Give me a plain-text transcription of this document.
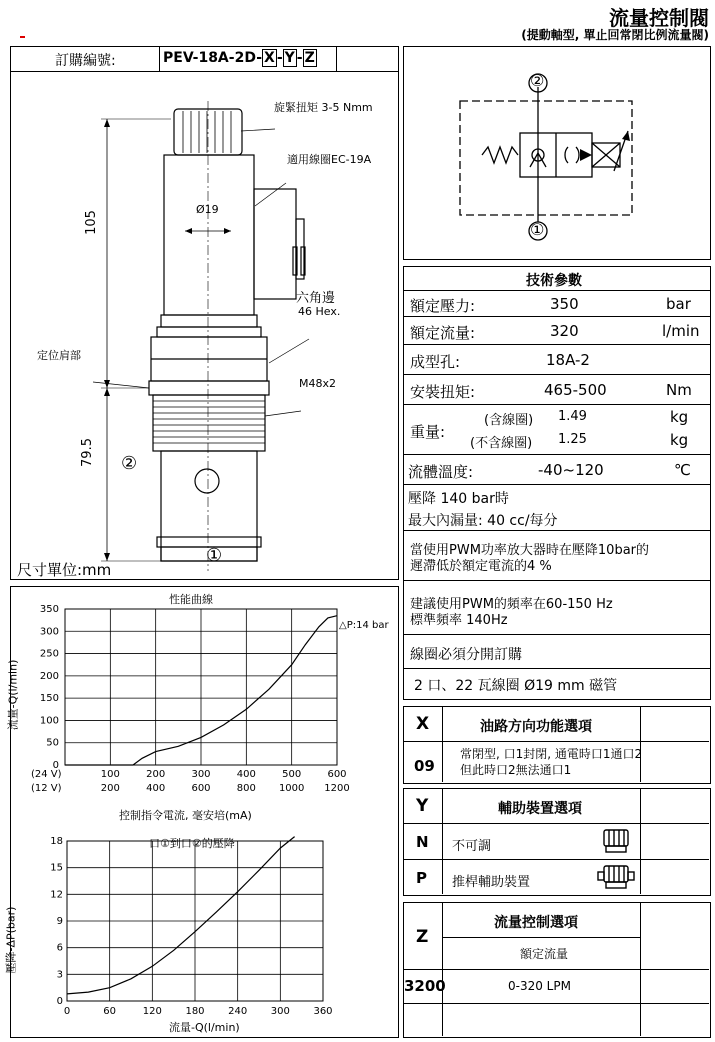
流量控制閥
(提動軸型, 單止回常閉比例流量閥)
訂購編號:	PEV-18A-2D- X - Y - Z
旋緊扭矩 3-5 Nmm
適用線圈EC-19A
Ø19
六角邊
46 Hex.
定位肩部
M48x2
105
79.5 ②
①
尺寸單位:mm
性能曲線
流量-Q(l/min)
△P:14 bar
0
50
100
150
200
250
300
350
(24 V)	100	200	300	400	500	600
(12 V)	200	400	600	800 1000 1200
控制指令電流, 毫安培(mA)
口①到口②的壓降
壓降-ΔP(bar)
0
3
6
9
12
15
18
0	60	120 180 240 300 360
流量-Q(l/min)
②
①
技術參數
額定壓力:	350	bar
額定流量:	320	l/min
成型孔:	18A-2
安裝扭矩:	465-500	Nm
重量:
(含線圈) 1.49	kg
(不含線圈) 1.25	kg
流體溫度:	-40~120	℃
壓降 140 bar時
最大內漏量: 40 cc/每分
當使用PWM功率放大器時在壓降10bar的
遲滯低於額定電流的4 %
建議使用PWM的頻率在60-150 Hz
標準頻率 140Hz
線圈必須分開訂購
2 口、22 瓦線圈 Ø19 mm 磁管
X	油路方向功能選項
09
常閉型, 口1封閉, 通電時口1通口2
但此時口2無法通口1
Y	輔助裝置選項
N 不可調
P 推桿輔助裝置
Z
流量控制選項
額定流量
3200	0-320 LPM
